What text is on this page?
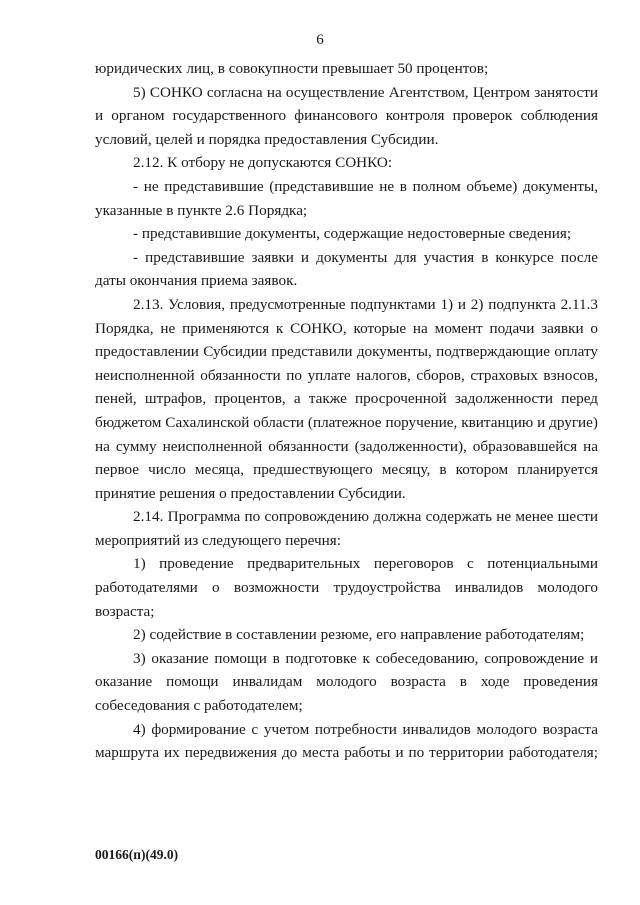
6
юридических лиц, в совокупности превышает 50 процентов;
5) СОНКО согласна на осуществление Агентством, Центром занятости
и органом государственного финансового контроля проверок соблюдения
условий, целей и порядка предоставления Субсидии.
2.12. К отбору не допускаются СОНКО:
- не представившие (представившие не в полном объеме) документы,
указанные в пункте 2.6 Порядка;
- представившие документы, содержащие недостоверные сведения;
- представившие заявки и документы для участия в конкурсе после
даты окончания приема заявок.
2.13. Условия, предусмотренные подпунктами 1) и 2) подпункта 2.11.3
Порядка, не применяются к СОНКО, которые на момент подачи заявки о
предоставлении Субсидии представили документы, подтверждающие оплату
неисполненной обязанности по уплате налогов, сборов, страховых взносов,
пеней, штрафов, процентов, а также просроченной задолженности перед
бюджетом Сахалинской области (платежное поручение, квитанцию и другие)
на сумму неисполненной обязанности (задолженности), образовавшейся на
первое число месяца, предшествующего месяцу, в котором планируется
принятие решения о предоставлении Субсидии.
2.14. Программа по сопровождению должна содержать не менее шести
мероприятий из следующего перечня:
1) проведение предварительных переговоров с потенциальными
работодателями о возможности трудоустройства инвалидов молодого
возраста;
2) содействие в составлении резюме, его направление работодателям;
3) оказание помощи в подготовке к собеседованию, сопровождение и
оказание помощи инвалидам молодого возраста в ходе проведения
собеседования с работодателем;
4) формирование с учетом потребности инвалидов молодого возраста
маршрута их передвижения до места работы и по территории работодателя;
00166(п)(49.0)
